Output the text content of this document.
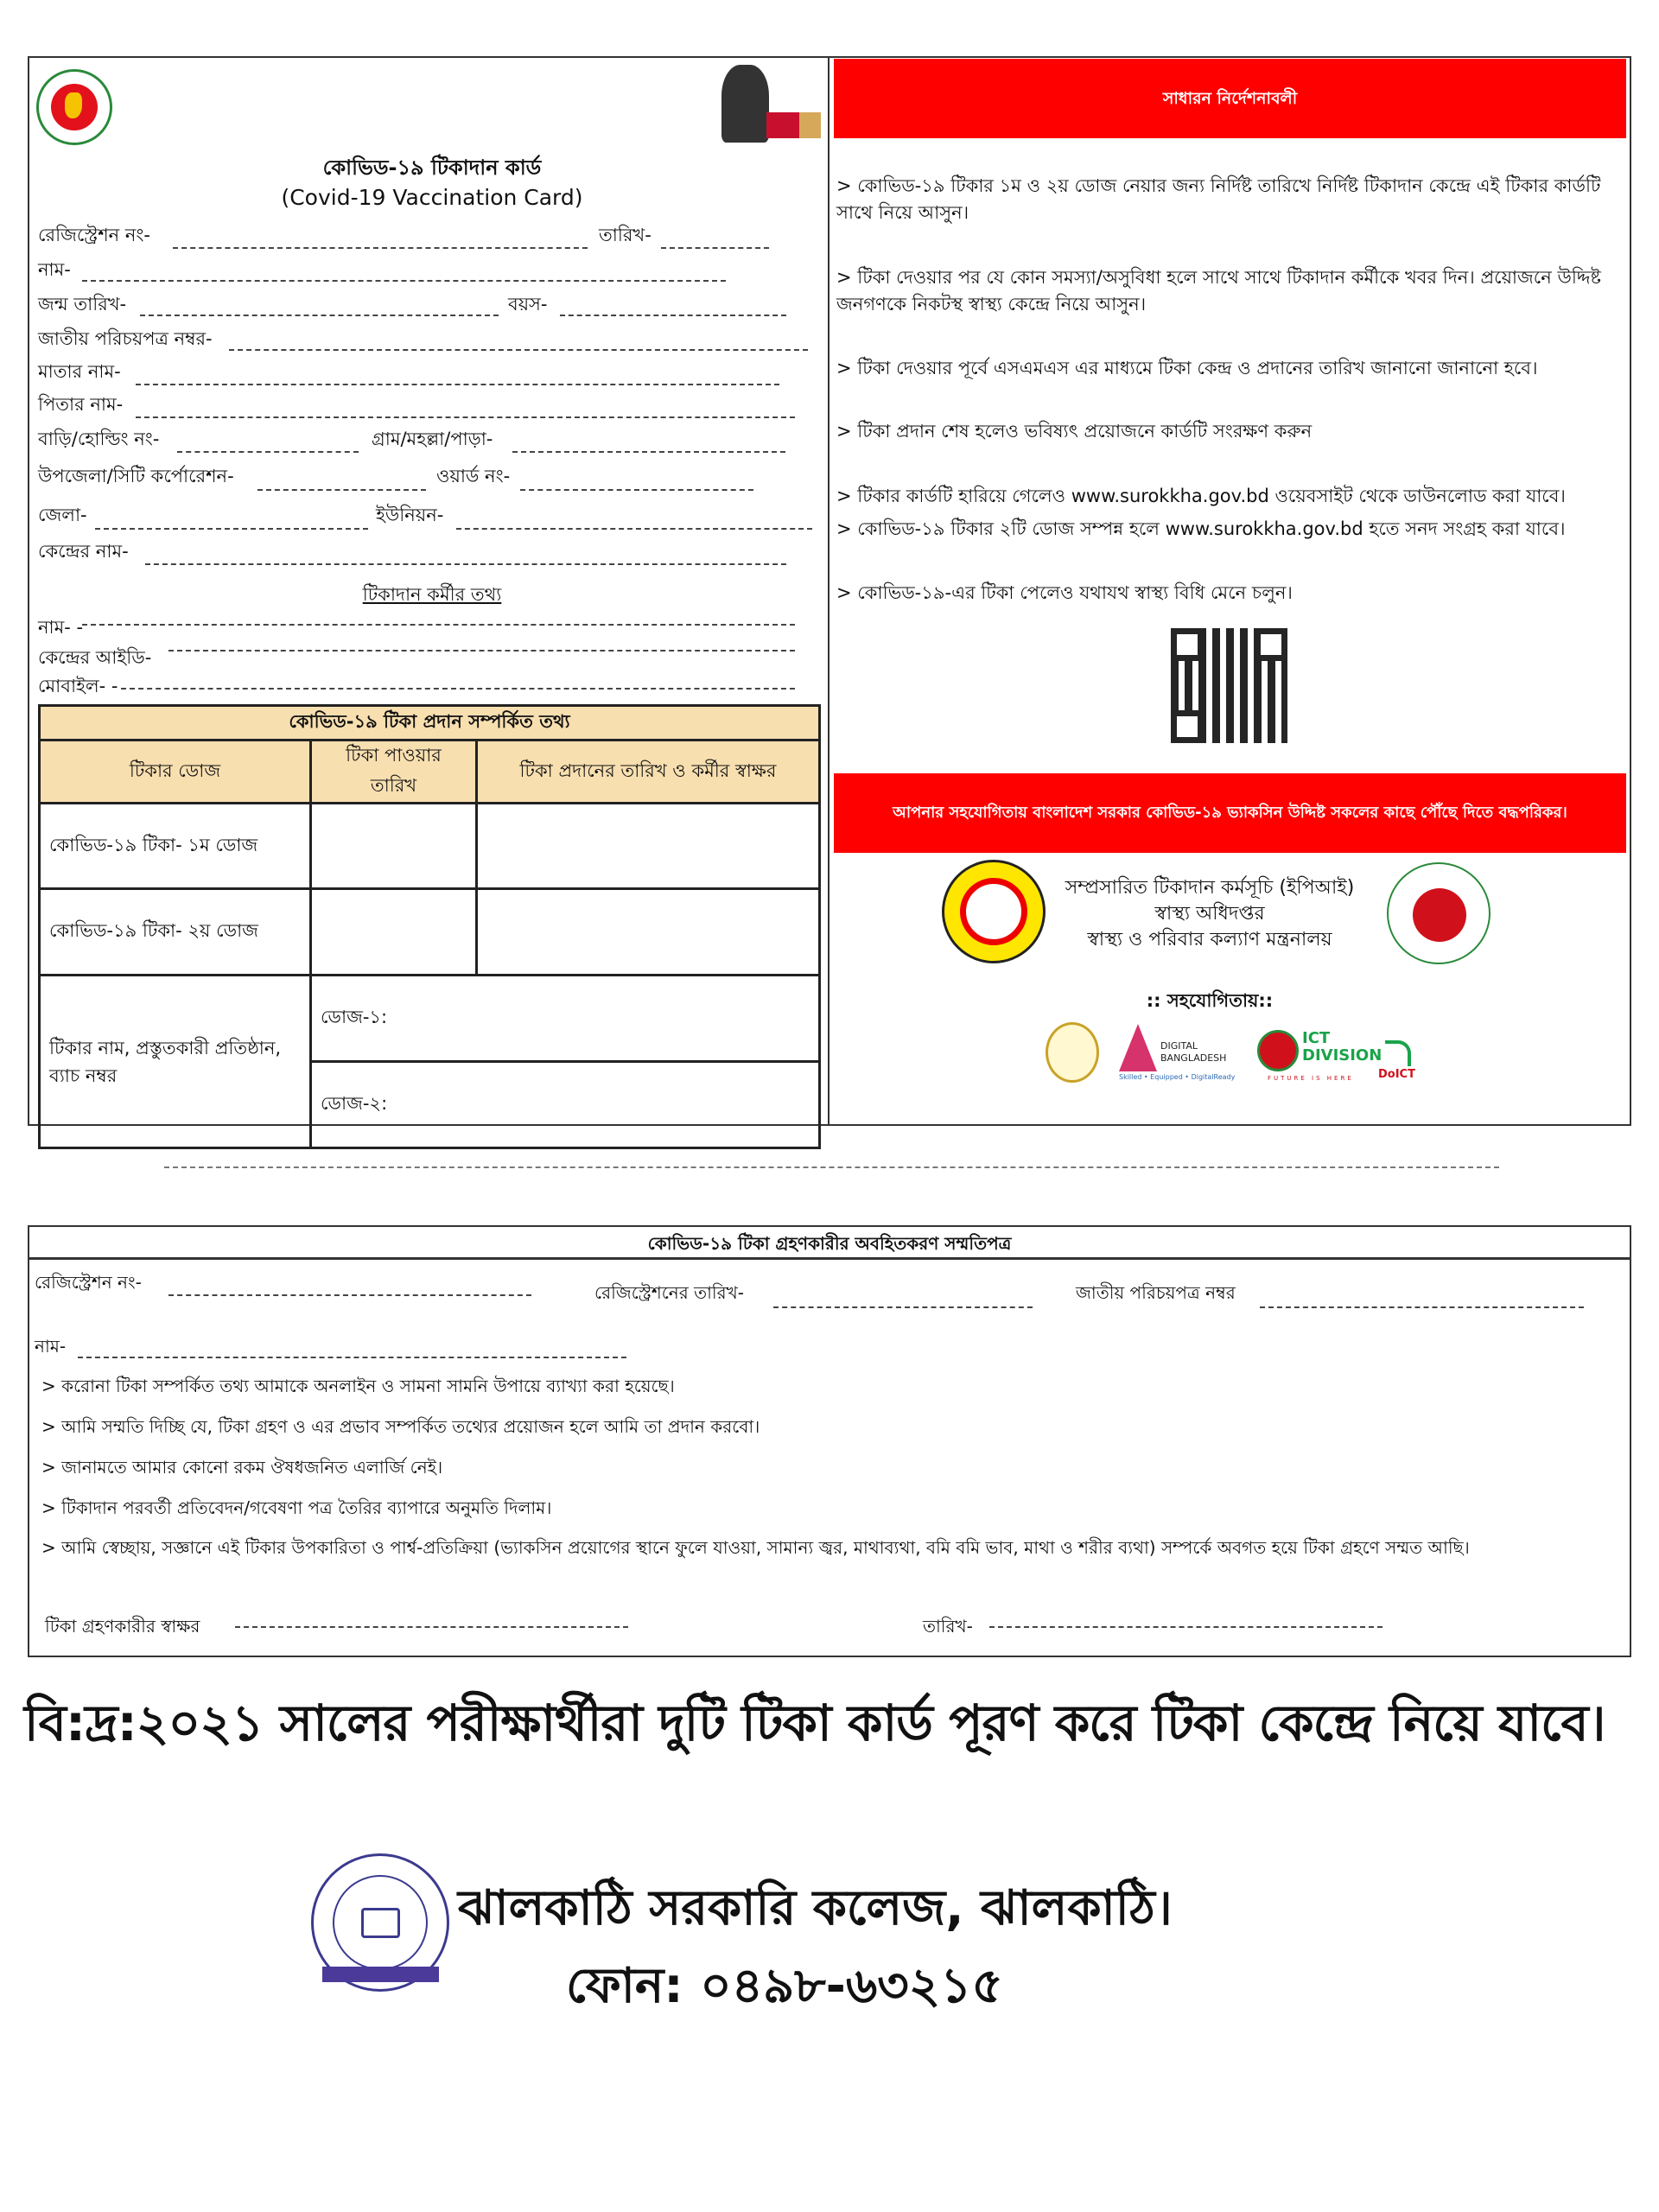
কোভিড-১৯ টিকাদান কার্ড
(Covid-19 Vaccination Card)
রেজিস্ট্রেশন নং-	তারিখ-
নাম-
জন্ম তারিখ-	বয়স-
জাতীয় পরিচয়পত্র নম্বর-
মাতার নাম-
পিতার নাম-
বাড়ি/হোল্ডিং নং-	গ্রাম/মহল্লা/পাড়া-
উপজেলা/সিটি কর্পোরেশন-	ওয়ার্ড নং-
জেলা-	ইউনিয়ন-
কেন্দ্রের নাম-
টিকাদান কর্মীর তথ্য
নাম- -
কেন্দ্রের আইডি-
মোবাইল- -
কোভিড-১৯ টিকা প্রদান সম্পর্কিত তথ্য		
টিকার ডোজ	টিকা পাওয়ার তারিখ	টিকা প্রদানের তারিখ ও কর্মীর স্বাক্ষর
কোভিড-১৯ টিকা- ১ম ডোজ		
কোভিড-১৯ টিকা- ২য় ডোজ		
টিকার নাম, প্রস্তুতকারী প্রতিষ্ঠান, ব্যাচ নম্বর	ডোজ-১:	
	ডোজ-২:	
সাধারন নির্দেশনাবলী
> কোভিড-১৯ টিকার ১ম ও ২য় ডোজ নেয়ার জন্য নির্দিষ্ট তারিখে নির্দিষ্ট টিকাদান কেন্দ্রে এই টিকার কার্ডটি সাথে নিয়ে আসুন।
> টিকা দেওয়ার পর যে কোন সমস্যা/অসুবিধা হলে সাথে সাথে টিকাদান কর্মীকে খবর দিন। প্রয়োজনে উদ্দিষ্ট জনগণকে নিকটস্থ স্বাস্থ্য কেন্দ্রে নিয়ে আসুন।
> টিকা দেওয়ার পূর্বে এসএমএস এর মাধ্যমে টিকা কেন্দ্র ও প্রদানের তারিখ জানানো জানানো হবে।
> টিকা প্রদান শেষ হলেও ভবিষ্যৎ প্রয়োজনে কার্ডটি সংরক্ষণ করুন
> টিকার কার্ডটি হারিয়ে গেলেও www.surokkha.gov.bd ওয়েবসাইট থেকে ডাউনলোড করা যাবে।
> কোভিড-১৯ টিকার ২টি ডোজ সম্পন্ন হলে www.surokkha.gov.bd হতে সনদ সংগ্রহ করা যাবে।
> কোভিড-১৯-এর টিকা পেলেও যথাযথ স্বাস্থ্য বিধি মেনে চলুন।
আপনার সহযোগিতায় বাংলাদেশ সরকার কোভিড-১৯ ভ্যাকসিন উদ্দিষ্ট সকলের কাছে পৌঁছে দিতে বদ্ধপরিকর।
সম্প্রসারিত টিকাদান কর্মসূচি (ইপিআই)
স্বাস্থ্য অধিদপ্তর
স্বাস্থ্য ও পরিবার কল্যাণ মন্ত্রনালয়
:: সহযোগিতায়::
DIGITAL BANGLADESH
Skilled • Equipped • DigitalReady
ICT DIVISION
FUTURE IS HERE DoICT
কোভিড-১৯ টিকা গ্রহণকারীর অবহিতকরণ সম্মতিপত্র
রেজিস্ট্রেশন নং-	রেজিস্ট্রেশনের তারিখ-	জাতীয় পরিচয়পত্র নম্বর
নাম-
> করোনা টিকা সম্পর্কিত তথ্য আমাকে অনলাইন ও সামনা সামনি উপায়ে ব্যাখ্যা করা হয়েছে।
> আমি সম্মতি দিচ্ছি যে, টিকা গ্রহণ ও এর প্রভাব সম্পর্কিত তথ্যের প্রয়োজন হলে আমি তা প্রদান করবো।
> জানামতে আমার কোনো রকম ঔষধজনিত এলার্জি নেই।
> টিকাদান পরবর্তী প্রতিবেদন/গবেষণা পত্র তৈরির ব্যাপারে অনুমতি দিলাম।
> আমি স্বেচ্ছায়, সজ্ঞানে এই টিকার উপকারিতা ও পার্শ্ব-প্রতিক্রিয়া (ভ্যাকসিন প্রয়োগের স্থানে ফুলে যাওয়া, সামান্য জ্বর, মাথাব্যথা, বমি বমি ভাব, মাথা ও শরীর ব্যথা) সম্পর্কে অবগত হয়ে টিকা গ্রহণে সম্মত আছি।
টিকা গ্রহণকারীর স্বাক্ষর	তারিখ-
বি:দ্র:২০২১ সালের পরীক্ষার্থীরা দুটি টিকা কার্ড পূরণ করে টিকা কেন্দ্রে নিয়ে যাবে।
ঝালকাঠি সরকারি কলেজ, ঝালকাঠি।
ফোন: ০৪৯৮-৬৩২১৫
